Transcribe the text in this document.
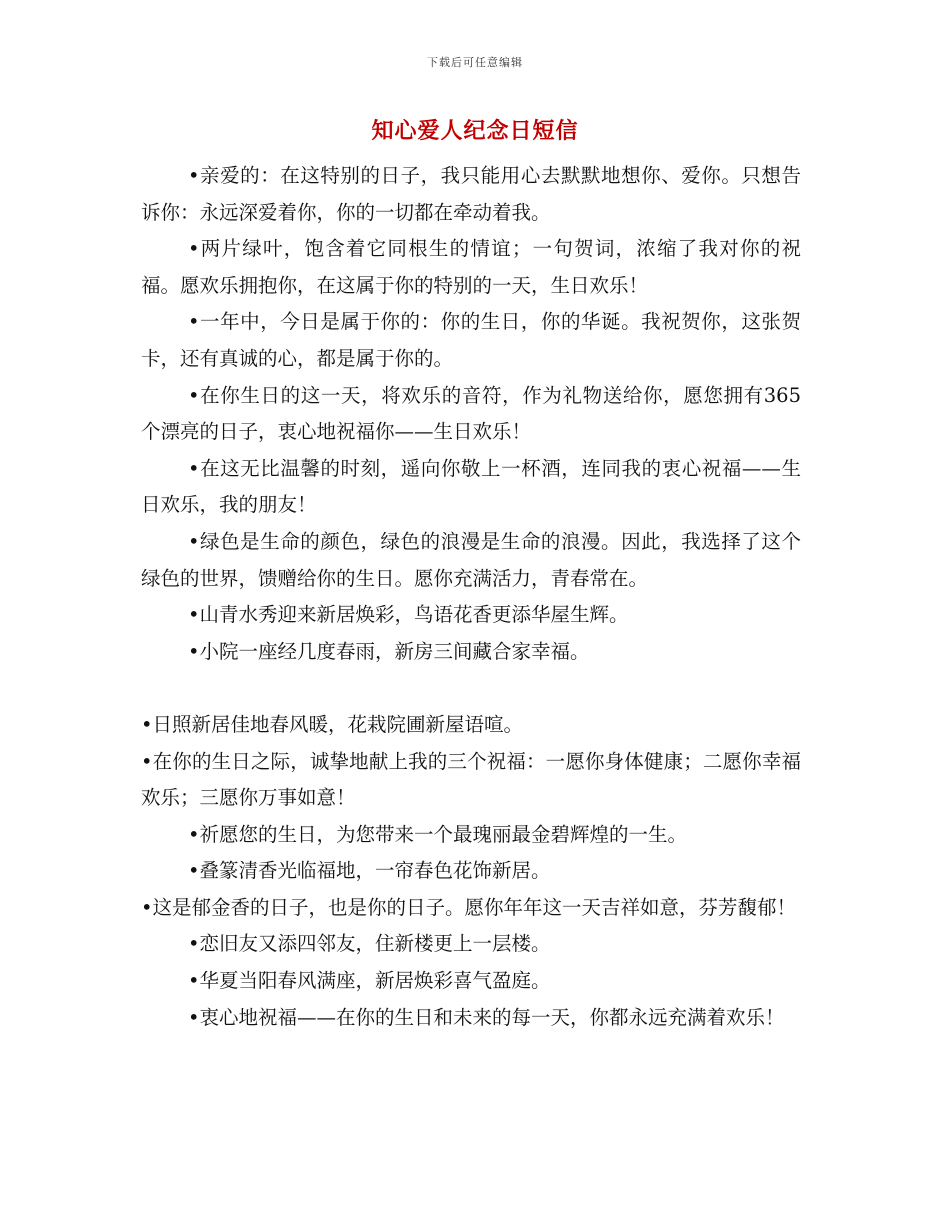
下载后可任意编辑
知心爱人纪念日短信

•亲爱的：在这特别的日子，我只能用心去默默地想你、爱你。只想告诉你：永远深爱着你，你的一切都在牵动着我。

•两片绿叶，饱含着它同根生的情谊；一句贺词，浓缩了我对你的祝福。愿欢乐拥抱你，在这属于你的特别的一天，生日欢乐！

•一年中，今日是属于你的：你的生日，你的华诞。我祝贺你，这张贺卡，还有真诚的心，都是属于你的。

•在你生日的这一天，将欢乐的音符，作为礼物送给你，愿您拥有365个漂亮的日子，衷心地祝福你——生日欢乐！

•在这无比温馨的时刻，遥向你敬上一杯酒，连同我的衷心祝福——生日欢乐，我的朋友！

•绿色是生命的颜色，绿色的浪漫是生命的浪漫。因此，我选择了这个绿色的世界，馈赠给你的生日。愿你充满活力，青春常在。

•山青水秀迎来新居焕彩，鸟语花香更添华屋生辉。

•小院一座经几度春雨，新房三间藏合家幸福。

•日照新居佳地春风暖，花栽院圃新屋语喧。

•在你的生日之际，诚挚地献上我的三个祝福：一愿你身体健康；二愿你幸福欢乐；三愿你万事如意！

•祈愿您的生日，为您带来一个最瑰丽最金碧辉煌的一生。

•叠篆清香光临福地，一帘春色花饰新居。

•这是郁金香的日子，也是你的日子。愿你年年这一天吉祥如意，芬芳馥郁！

•恋旧友又添四邻友，住新楼更上一层楼。

•华夏当阳春风满座，新居焕彩喜气盈庭。

•衷心地祝福——在你的生日和未来的每一天，你都永远充满着欢乐！
